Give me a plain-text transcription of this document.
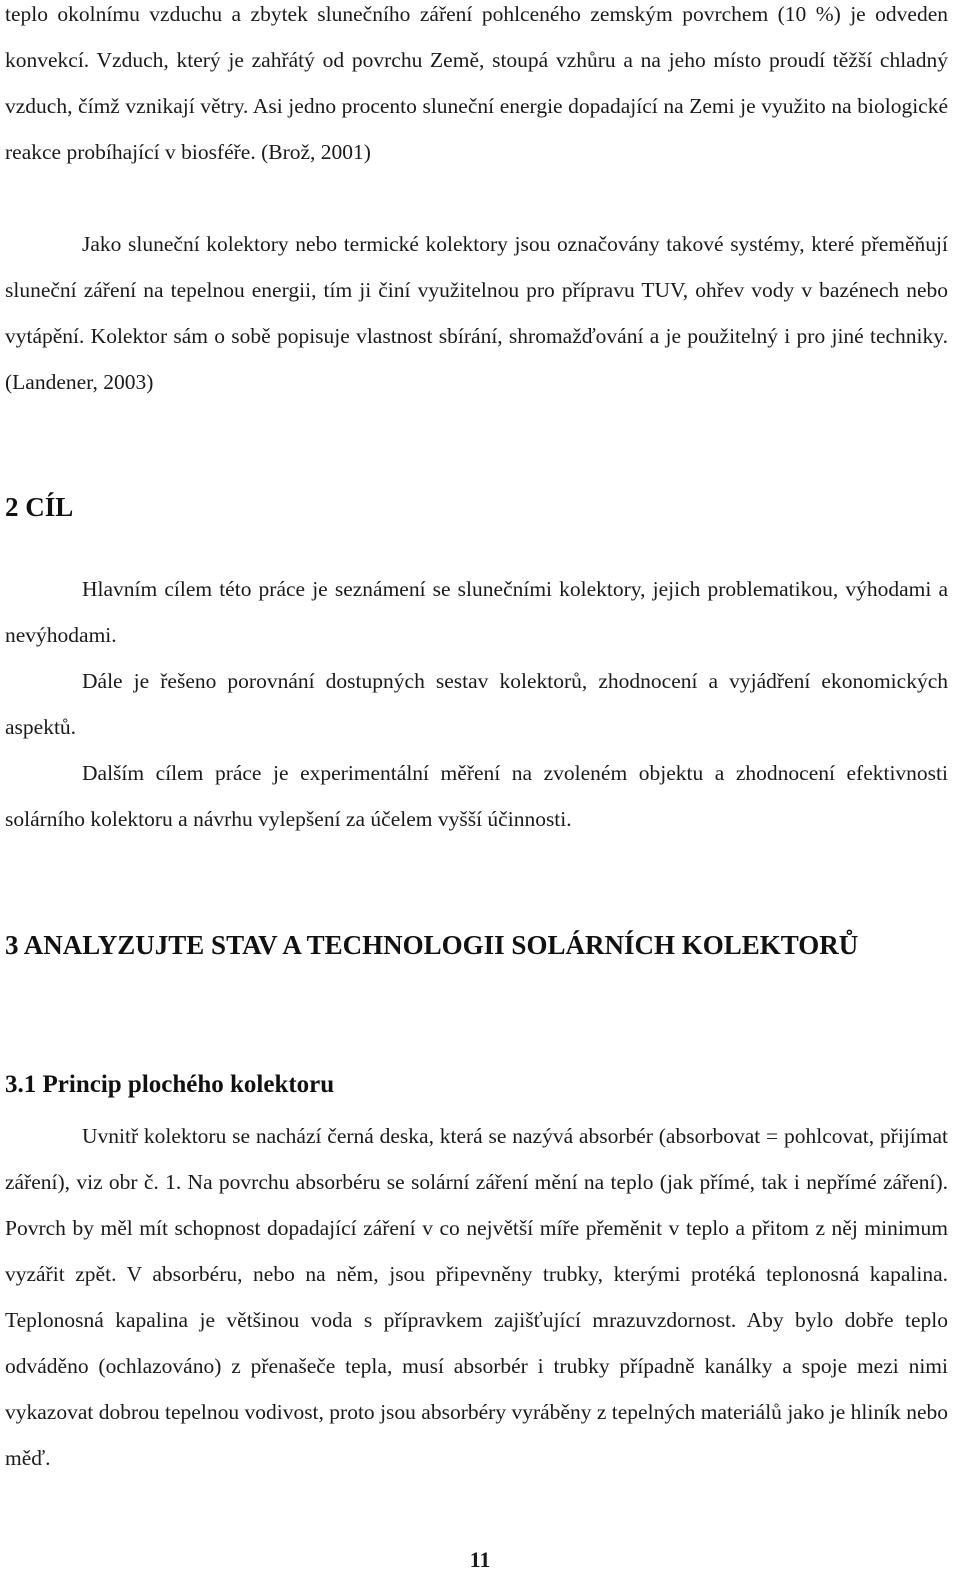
teplo okolnímu vzduchu a zbytek slunečního záření pohlceného zemským povrchem (10 %) je odveden konvekcí. Vzduch, který je zahřátý od povrchu Země, stoupá vzhůru a na jeho místo proudí těžší chladný vzduch, čímž vznikají větry. Asi jedno procento sluneční energie dopadající na Zemi je využito na biologické reakce probíhající v biosféře. (Brož, 2001)

Jako sluneční kolektory nebo termické kolektory jsou označovány takové systémy, které přeměňují sluneční záření na tepelnou energii, tím ji činí využitelnou pro přípravu TUV, ohřev vody v bazénech nebo vytápění. Kolektor sám o sobě popisuje vlastnost sbírání, shromažďování a je použitelný i pro jiné techniky. (Landener, 2003)

2 CÍL

Hlavním cílem této práce je seznámení se slunečními kolektory, jejich problematikou, výhodami a nevýhodami.

Dále je řešeno porovnání dostupných sestav kolektorů, zhodnocení a vyjádření ekonomických aspektů.

Dalším cílem práce je experimentální měření na zvoleném objektu a zhodnocení efektivnosti solárního kolektoru a návrhu vylepšení za účelem vyšší účinnosti.

3 ANALYZUJTE STAV A TECHNOLOGII SOLÁRNÍCH KOLEKTORŮ
3.1 Princip plochého kolektoru

Uvnitř kolektoru se nachází černá deska, která se nazývá absorbér (absorbovat = pohlcovat, přijímat záření), viz obr č. 1. Na povrchu absorbéru se solární záření mění na teplo (jak přímé, tak i nepřímé záření). Povrch by měl mít schopnost dopadající záření v co největší míře přeměnit v teplo a přitom z něj minimum vyzářit zpět. V absorbéru, nebo na něm, jsou připevněny trubky, kterými protéká teplonosná kapalina. Teplonosná kapalina je většinou voda s přípravkem zajišťující mrazuvzdornost. Aby bylo dobře teplo odváděno (ochlazováno) z přenašeče tepla, musí absorbér i trubky případně kanálky a spoje mezi nimi vykazovat dobrou tepelnou vodivost, proto jsou absorbéry vyráběny z tepelných materiálů jako je hliník nebo měď.

11
